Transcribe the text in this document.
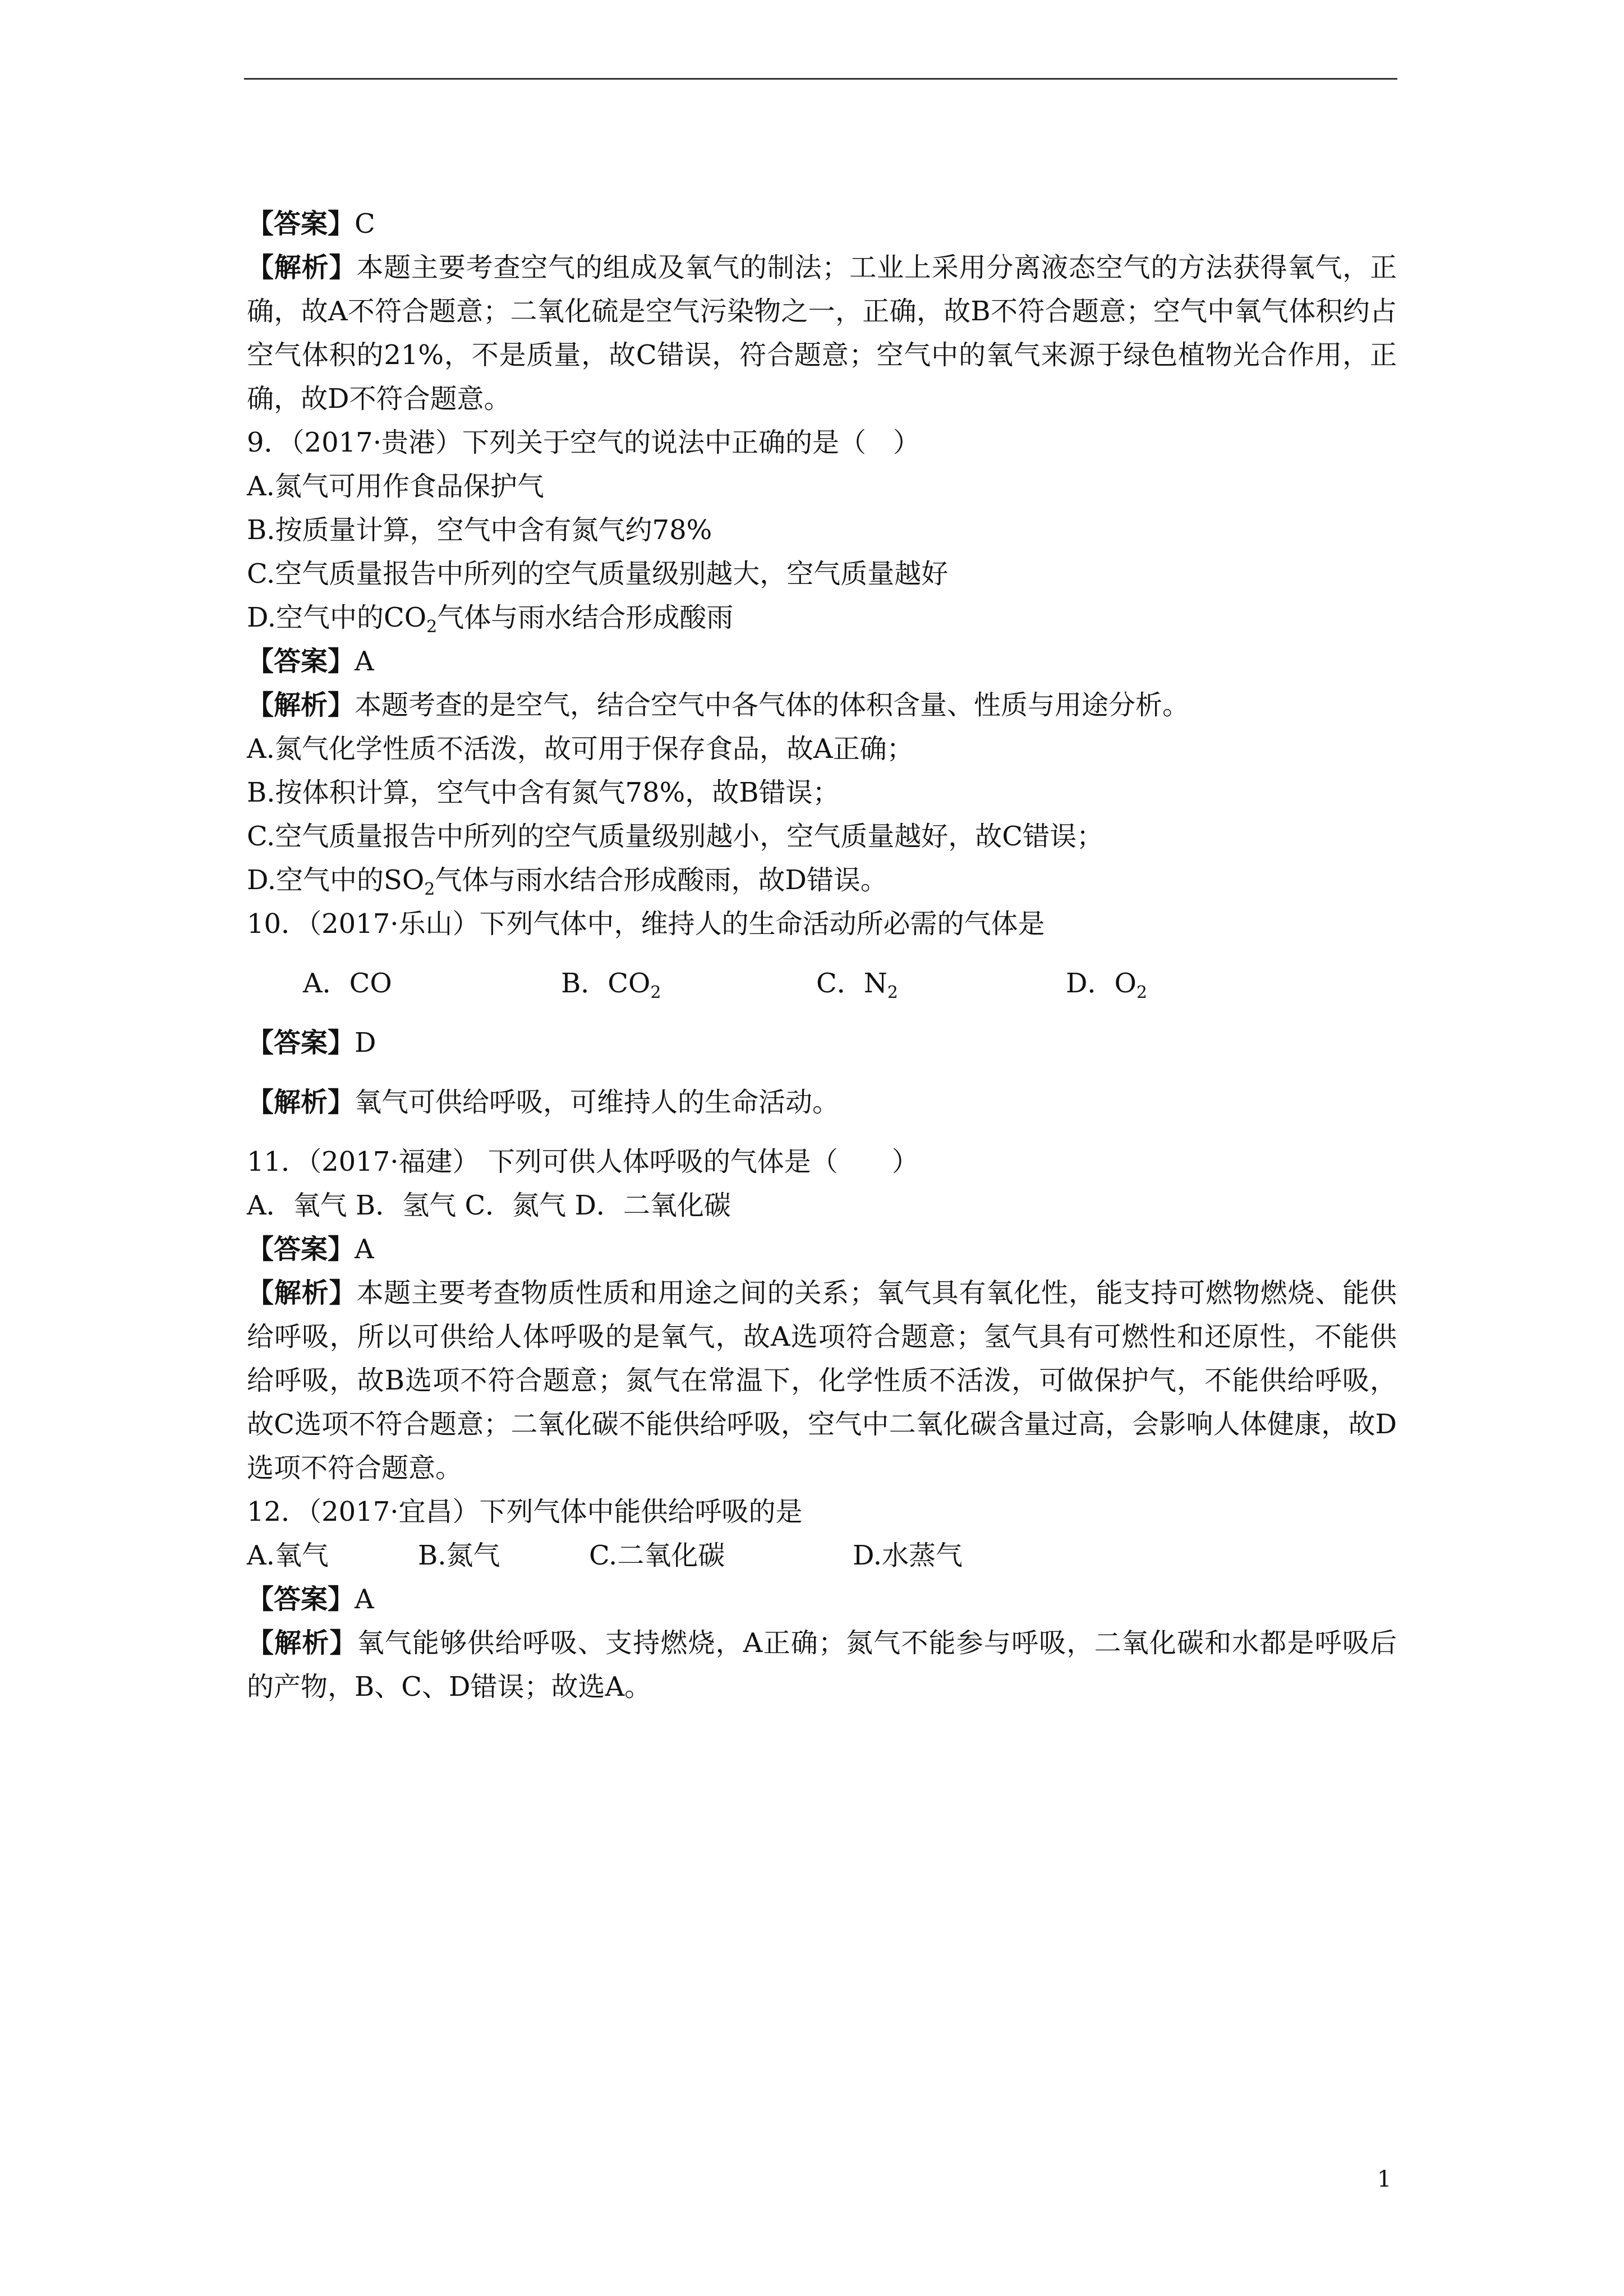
【答案】C
【解析】本题主要考查空气的组成及氧气的制法；工业上采用分离液态空气的方法获得氧气，正确，故A不符合题意；二氧化硫是空气污染物之一，正确，故B不符合题意；空气中氧气体积约占空气体积的21%，不是质量，故C错误，符合题意；空气中的氧气来源于绿色植物光合作用，正确，故D不符合题意。
9．（2017·贵港）下列关于空气的说法中正确的是（　）
A.氮气可用作食品保护气
B.按质量计算，空气中含有氮气约78%
C.空气质量报告中所列的空气质量级别越大，空气质量越好
D.空气中的$CO_2$气体与雨水结合形成酸雨
【答案】A
【解析】本题考查的是空气，结合空气中各气体的体积含量、性质与用途分析。
A.氮气化学性质不活泼，故可用于保存食品，故A正确；
B.按体积计算，空气中含有氮气78%，故B错误；
C.空气质量报告中所列的空气质量级别越小，空气质量越好，故C错误；
D.空气中的$SO_2$气体与雨水结合形成酸雨，故D错误。
10．（2017·乐山）下列气体中，维持人的生命活动所必需的气体是
A．CO	B．$CO_2$	C．$N_2$	D．$O_2$
【答案】D
【解析】氧气可供给呼吸，可维持人的生命活动。
11．（2017·福建） 下列可供人体呼吸的气体是（　　）
A．氧气 B．氢气 C．氮气 D．二氧化碳
【答案】A
【解析】本题主要考查物质性质和用途之间的关系；氧气具有氧化性，能支持可燃物燃烧、能供给呼吸，所以可供给人体呼吸的是氧气，故A选项符合题意；氢气具有可燃性和还原性，不能供给呼吸，故B选项不符合题意；氮气在常温下，化学性质不活泼，可做保护气，不能供给呼吸，故C选项不符合题意；二氧化碳不能供给呼吸，空气中二氧化碳含量过高，会影响人体健康，故D选项不符合题意。
12．（2017·宜昌）下列气体中能供给呼吸的是
A.氧气	B.氮气	C.二氧化碳	D.水蒸气
【答案】A
【解析】氧气能够供给呼吸、支持燃烧，A正确；氮气不能参与呼吸，二氧化碳和水都是呼吸后的产物，B、C、D错误；故选A。
1
